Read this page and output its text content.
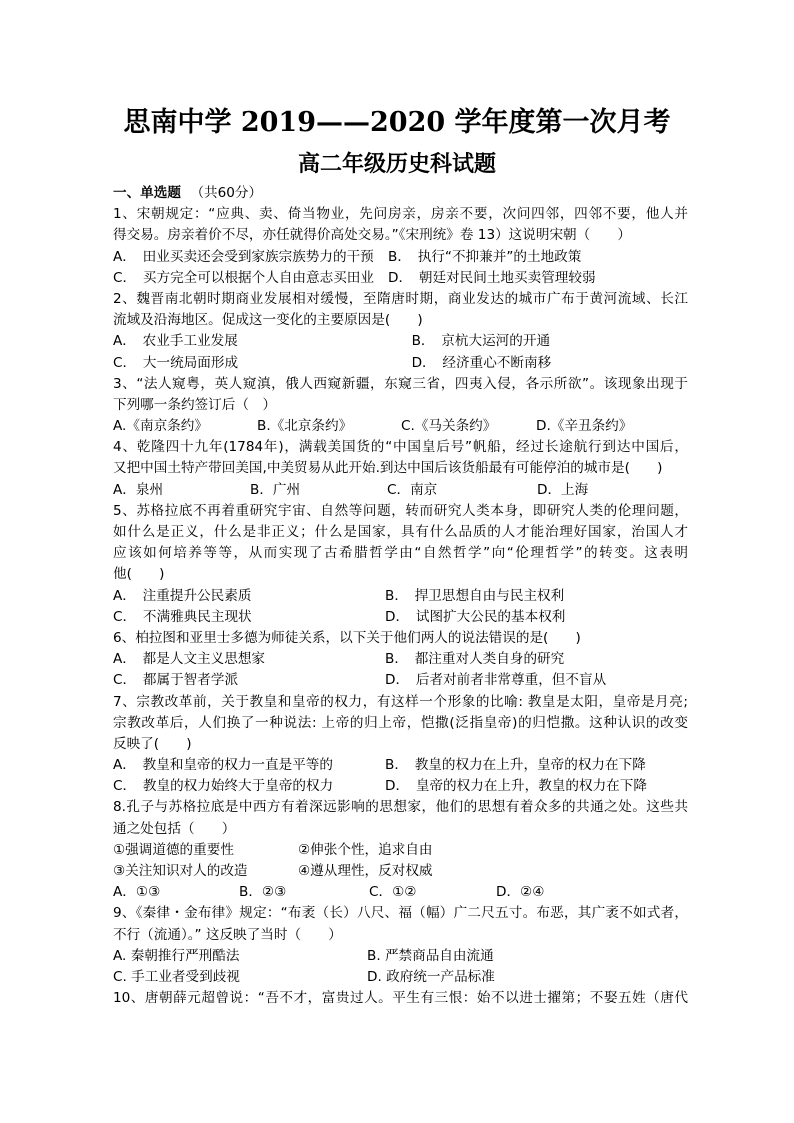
思南中学 2019——2020 学年度第一次月考
高二年级历史科试题
一、单选题 （共60分）
1、宋朝规定：“应典、卖、倚当物业，先问房亲，房亲不要，次问四邻，四邻不要，他人并
得交易。房亲着价不尽，亦任就得价高处交易。”《宋刑统》卷 13）这说明宋朝（　　）
A．　田业买卖还会受到家族宗族势力的干预	B．　执行“不抑兼并”的土地政策
C．　买方完全可以根据个人自由意志买田业	D．　朝廷对民间土地买卖管理较弱
2、魏晋南北朝时期商业发展相对缓慢，至隋唐时期，商业发达的城市广布于黄河流域、长江
流域及沿海地区。促成这一变化的主要原因是(　　)
A．　农业手工业发展	B．　京杭大运河的开通
C．　大一统局面形成	D．　经济重心不断南移
3、“法人窥粤，英人窥滇，俄人西窥新疆，东窥三省，四夷入侵，各示所欲”。该现象出现于
下列哪一条约签订后（　）
A.《南京条约》	B.《北京条约》	C.《马关条约》	D.《辛丑条约》
4、乾隆四十九年(1784年)，满载美国货的“中国皇后号”帆船，经过长途航行到达中国后，
又把中国土特产带回美国,中美贸易从此开始.到达中国后该货船最有可能停泊的城市是(　　)
A．泉州	B．广州	C．南京	D．上海
5、苏格拉底不再着重研究宇宙、自然等问题，转而研究人类本身，即研究人类的伦理问题，
如什么是正义，什么是非正义；什么是国家，具有什么品质的人才能治理好国家，治国人才
应该如何培养等等，从而实现了古希腊哲学由“自然哲学”向“伦理哲学”的转变。这表明
他(　　)
A．　注重提升公民素质	B．　捍卫思想自由与民主权利
C．　不满雅典民主现状	D．　试图扩大公民的基本权利
6、柏拉图和亚里士多德为师徒关系，以下关于他们两人的说法错误的是(　　)
A．　都是人文主义思想家	B．　都注重对人类自身的研究
C．　都属于智者学派	D．　后者对前者非常尊重，但不盲从
7、宗教改革前，关于教皇和皇帝的权力，有这样一个形象的比喻: 教皇是太阳，皇帝是月亮;
宗教改革后，人们换了一种说法: 上帝的归上帝，恺撒(泛指皇帝)的归恺撒。这种认识的改变
反映了(　　)
A．　教皇和皇帝的权力一直是平等的	B．　教皇的权力在上升，皇帝的权力在下降
C．　教皇的权力始终大于皇帝的权力	D．　皇帝的权力在上升，教皇的权力在下降
8.孔子与苏格拉底是中西方有着深远影响的思想家，他们的思想有着众多的共通之处。这些共
通之处包括（　　）
①强调道德的重要性	②伸张个性，追求自由
③关注知识对人的改造	④遵从理性，反对权威
A．①③	B．②③	C．①②	D．②④
9、《秦律・金布律》规定：“布袤（长）八尺、福（幅）广二尺五寸。布恶，其广袤不如式者，
不行（流通）。” 这反映了当时（　　）
A. 秦朝推行严刑酷法	B. 严禁商品自由流通
C. 手工业者受到歧视	D. 政府统一产品标准
10、唐朝薛元超曾说：“吾不才，富贵过人。平生有三恨：始不以进士擢第；不娶五姓（唐代
